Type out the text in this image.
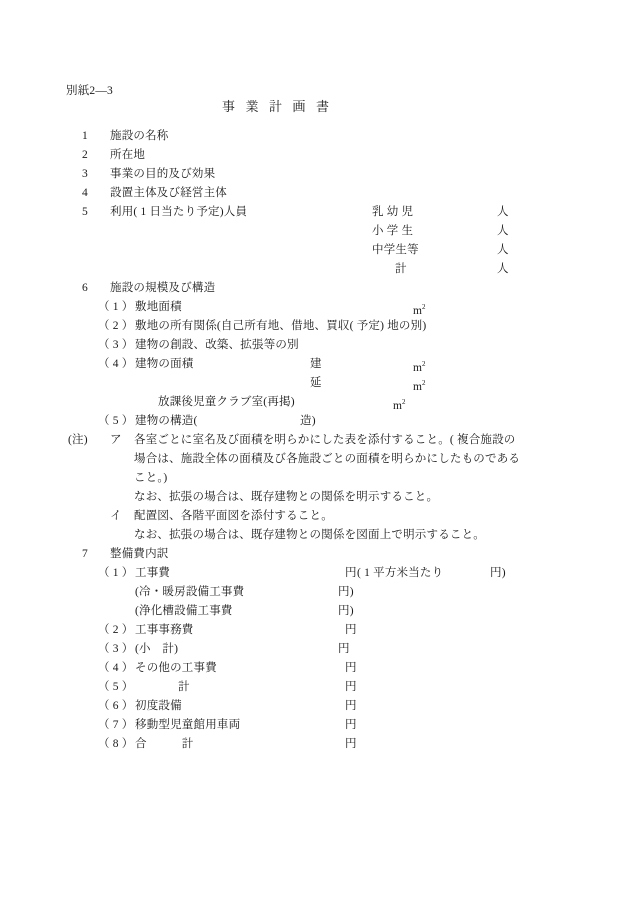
別紙2—3
事業計画書
1 施設の名称
2 所在地
3 事業の目的及び効果
4 設置主体及び経営主体
5 利用( 1 日当たり予定)人員	乳 幼 児	人
小 学 生	人
中学生等	人
計	人
6 施設の規模及び構造
（ 1 ） 敷地面積	$m^2$
（ 2 ） 敷地の所有関係(自己所有地、借地、買収( 予定) 地の別)
（ 3 ） 建物の創設、改築、拡張等の別
（ 4 ） 建物の面積	建	$m^2$
延	$m^2$
放課後児童クラブ室(再掲)	$m^2$
（ 5 ） 建物の構造(	造)
(注) ア 各室ごとに室名及び面積を明らかにした表を添付すること。( 複合施設の
場合は、施設全体の面積及び各施設ごとの面積を明らかにしたものである
こと。)
なお、拡張の場合は、既存建物との関係を明示すること。
イ 配置図、各階平面図を添付すること。
なお、拡張の場合は、既存建物との関係を図面上で明示すること。
7 整備費内訳
（ 1 ） 工事費	円 ( 1 平方米当たり	円)
(冷・暖房設備工事費	円)
(浄化槽設備工事費	円)
（ 2 ） 工事事務費	円
（ 3 ） (小　計)	円
（ 4 ） その他の工事費	円
（ 5 ）	計	円
（ 6 ） 初度設備	円
（ 7 ） 移動型児童館用車両	円
（ 8 ） 合　　　計	円
